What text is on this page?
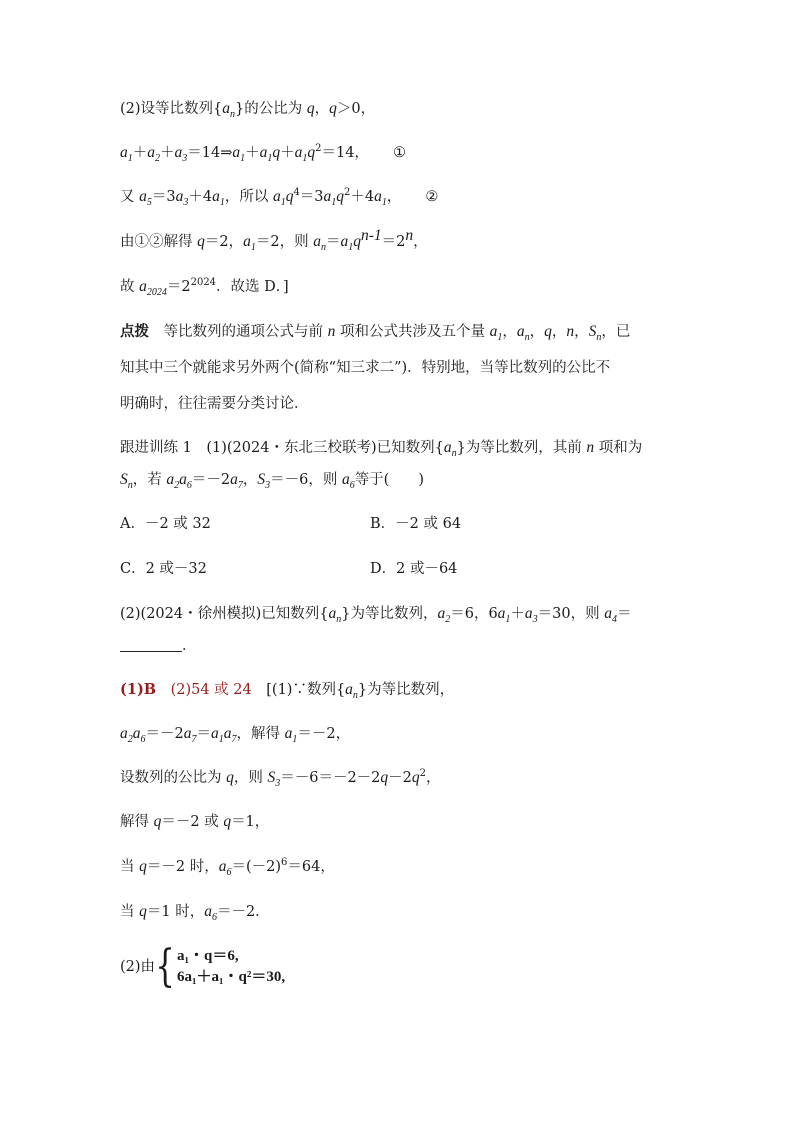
(2)设等比数列$\{a_n\}$的公比为 q，q＞0，
$a_1+a_2+a_3=14\Rightarrow a_1+a_1q+a_1q^2=14$， ①
又 $a_5=3a_3+4a_1$，所以 $a_1q^4=3a_1q^2+4a_1$， ②
由①②解得 q＝2，$a_1=2$，则 $a_n=a_1q^{n-1}=2^n$，
故 $a_{2024}=2^{2024}$．故选 D．]
点拨　等比数列的通项公式与前 n 项和公式共涉及五个量 $a_1$，$a_n$，q，n，$S_n$，已
知其中三个就能求另外两个(简称“知三求二”)．特别地，当等比数列的公比不
明确时，往往需要分类讨论．
跟进训练 1　(1)(2024・东北三校联考)已知数列$\{a_n\}$为等比数列，其前 n 项和为
$S_n$，若 $a_2a_6=-2a_7$，$S_3=-6$，则 $a_6$等于(　　)
A．－2 或 32	B．－2 或 64
C．2 或－32	D．2 或－64
(2)(2024・徐州模拟)已知数列$\{a_n\}$为等比数列，$a_2=6$，$6a_1+a_3=30$，则 $a_4=$
．
(1)B　 (2)54 或 24　[(1)∵数列$\{a_n\}$为等比数列，
$a_2a_6=-2a_7=a_1a_7$，解得 $a_1=-2$，
设数列的公比为 q，则 $S_3=-6=-2-2q-2q^2$，
解得 q＝－2 或 q＝1，
当 q＝－2 时，$a_6=(-2)^6=64$，
当 q＝1 时，$a_6=-2$．
(2)由 { a₁・q＝6,
6a₁＋a₁・q²＝30,
